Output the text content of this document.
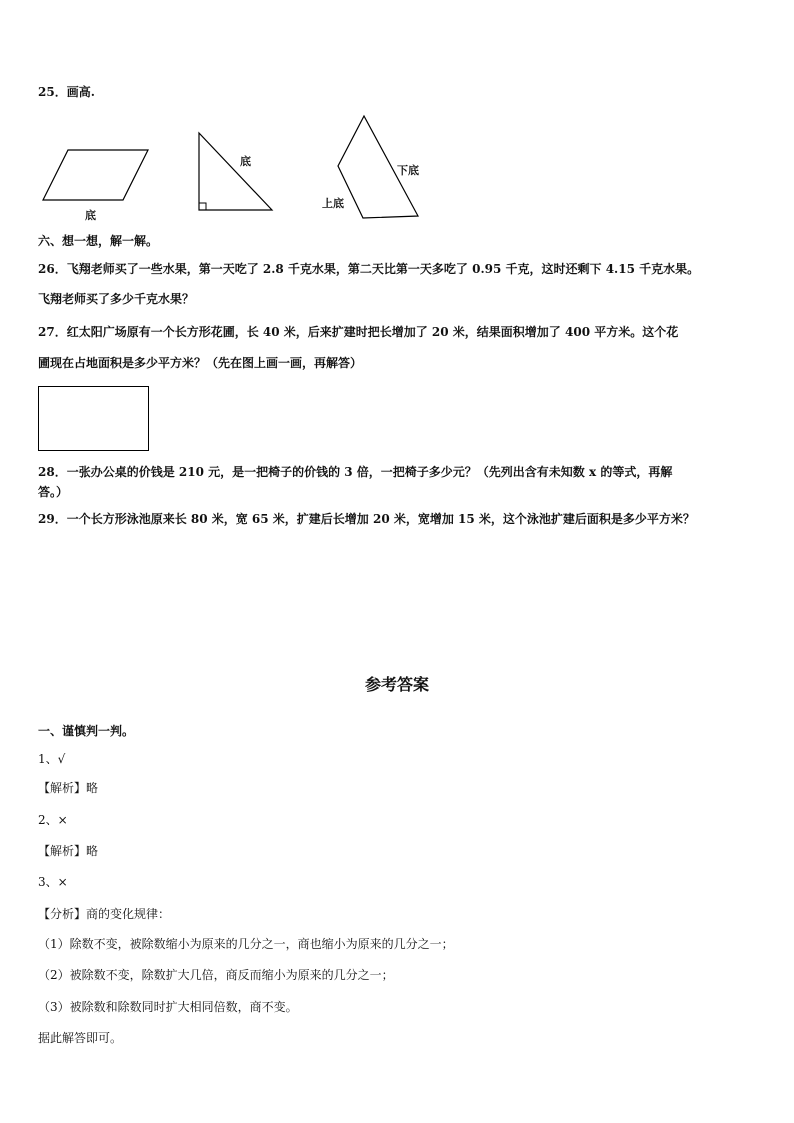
25．画高.
底
底
下底
上底
六、想一想，解一解。
26．飞翔老师买了一些水果，第一天吃了 2.8 千克水果，第二天比第一天多吃了 0.95 千克，这时还剩下 4.15 千克水果。
飞翔老师买了多少千克水果？
27．红太阳广场原有一个长方形花圃，长 40 米，后来扩建时把长增加了 20 米，结果面积增加了 400 平方米。这个花
圃现在占地面积是多少平方米？（先在图上画一画，再解答）
28．一张办公桌的价钱是 210 元，是一把椅子的价钱的 3 倍，一把椅子多少元？（先列出含有未知数 x 的等式，再解
答。）
29．一个长方形泳池原来长 80 米，宽 65 米，扩建后长增加 20 米，宽增加 15 米，这个泳池扩建后面积是多少平方米？
参考答案
一、谨慎判一判。
1、√
【解析】略
2、×
【解析】略
3、×
【分析】商的变化规律：
（1）除数不变，被除数缩小为原来的几分之一，商也缩小为原来的几分之一；
（2）被除数不变，除数扩大几倍，商反而缩小为原来的几分之一；
（3）被除数和除数同时扩大相同倍数，商不变。
据此解答即可。
